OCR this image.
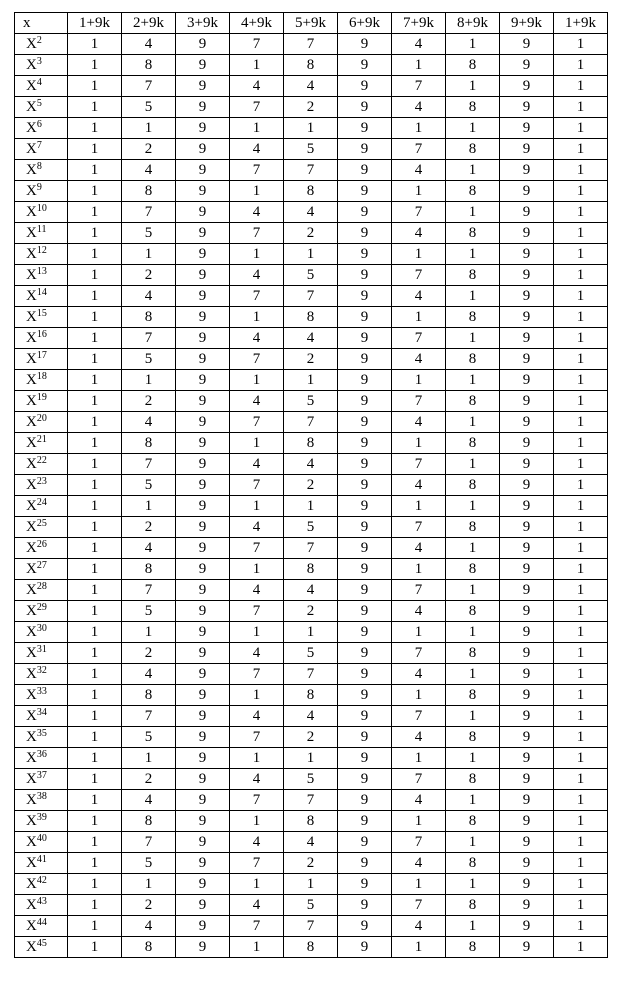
x	1+9k	2+9k	3+9k	4+9k	5+9k	6+9k	7+9k	8+9k	9+9k	1+9k
$X^2$	1	4	9	7	7	9	4	1	9	1
$X^3$	1	8	9	1	8	9	1	8	9	1
$X^4$	1	7	9	4	4	9	7	1	9	1
$X^5$	1	5	9	7	2	9	4	8	9	1
$X^6$	1	1	9	1	1	9	1	1	9	1
$X^7$	1	2	9	4	5	9	7	8	9	1
$X^8$	1	4	9	7	7	9	4	1	9	1
$X^9$	1	8	9	1	8	9	1	8	9	1
$X^{10}$	1	7	9	4	4	9	7	1	9	1
$X^{11}$	1	5	9	7	2	9	4	8	9	1
$X^{12}$	1	1	9	1	1	9	1	1	9	1
$X^{13}$	1	2	9	4	5	9	7	8	9	1
$X^{14}$	1	4	9	7	7	9	4	1	9	1
$X^{15}$	1	8	9	1	8	9	1	8	9	1
$X^{16}$	1	7	9	4	4	9	7	1	9	1
$X^{17}$	1	5	9	7	2	9	4	8	9	1
$X^{18}$	1	1	9	1	1	9	1	1	9	1
$X^{19}$	1	2	9	4	5	9	7	8	9	1
$X^{20}$	1	4	9	7	7	9	4	1	9	1
$X^{21}$	1	8	9	1	8	9	1	8	9	1
$X^{22}$	1	7	9	4	4	9	7	1	9	1
$X^{23}$	1	5	9	7	2	9	4	8	9	1
$X^{24}$	1	1	9	1	1	9	1	1	9	1
$X^{25}$	1	2	9	4	5	9	7	8	9	1
$X^{26}$	1	4	9	7	7	9	4	1	9	1
$X^{27}$	1	8	9	1	8	9	1	8	9	1
$X^{28}$	1	7	9	4	4	9	7	1	9	1
$X^{29}$	1	5	9	7	2	9	4	8	9	1
$X^{30}$	1	1	9	1	1	9	1	1	9	1
$X^{31}$	1	2	9	4	5	9	7	8	9	1
$X^{32}$	1	4	9	7	7	9	4	1	9	1
$X^{33}$	1	8	9	1	8	9	1	8	9	1
$X^{34}$	1	7	9	4	4	9	7	1	9	1
$X^{35}$	1	5	9	7	2	9	4	8	9	1
$X^{36}$	1	1	9	1	1	9	1	1	9	1
$X^{37}$	1	2	9	4	5	9	7	8	9	1
$X^{38}$	1	4	9	7	7	9	4	1	9	1
$X^{39}$	1	8	9	1	8	9	1	8	9	1
$X^{40}$	1	7	9	4	4	9	7	1	9	1
$X^{41}$	1	5	9	7	2	9	4	8	9	1
$X^{42}$	1	1	9	1	1	9	1	1	9	1
$X^{43}$	1	2	9	4	5	9	7	8	9	1
$X^{44}$	1	4	9	7	7	9	4	1	9	1
$X^{45}$	1	8	9	1	8	9	1	8	9	1
